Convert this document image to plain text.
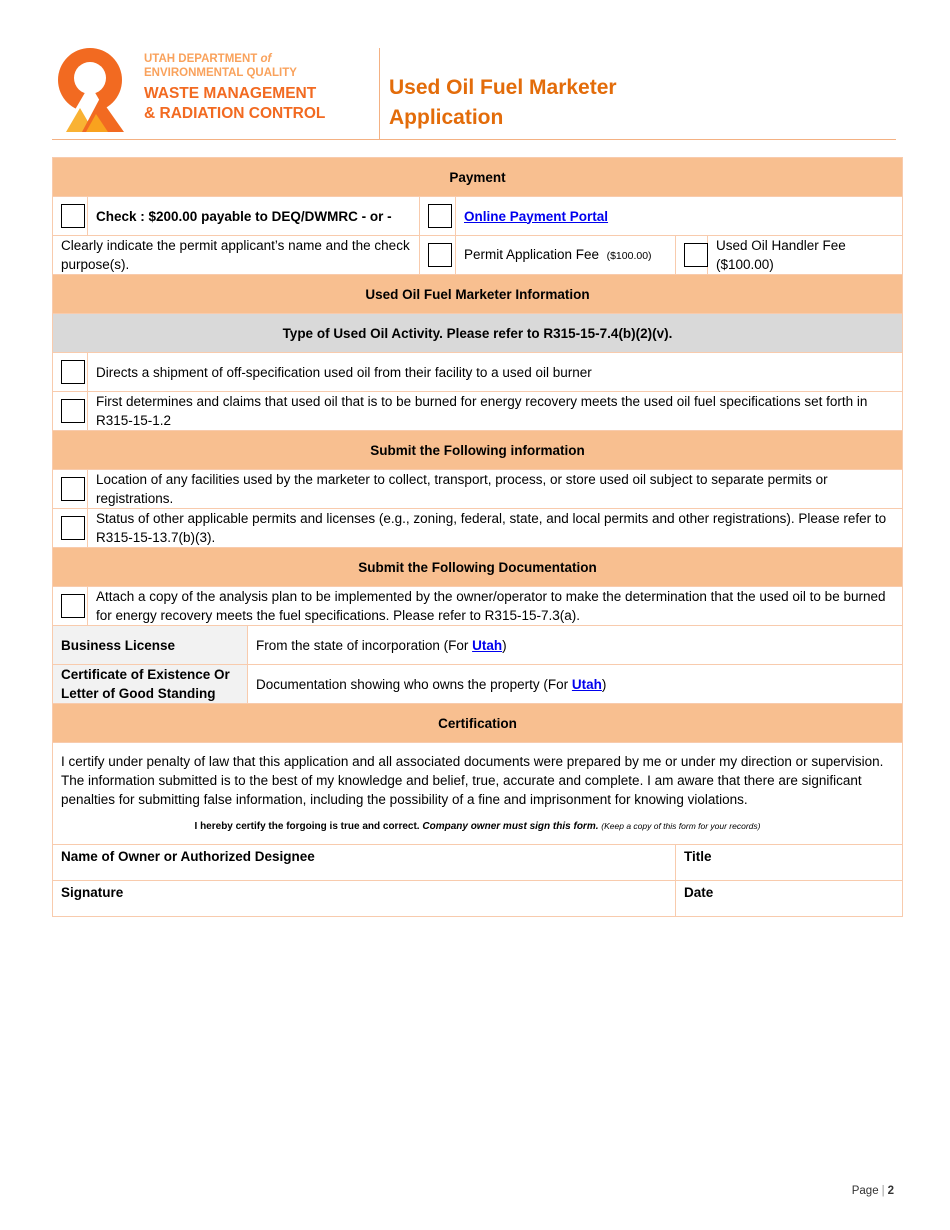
UTAH DEPARTMENT of
ENVIRONMENTAL QUALITY
WASTE MANAGEMENT
& RADIATION CONTROL
Used Oil Fuel Marketer
Application
Payment						
	Check : $200.00 payable to DEQ/DWMRC - or -			Online Payment Portal		
Clearly indicate the permit applicant’s name and the check purpose(s).				Permit Application Fee ($100.00)		Used Oil Handler Fee ($100.00)
Used Oil Fuel Marketer Information						
Type of Used Oil Activity. Please refer to R315-15-7.4(b)(2)(v).						
	Directs a shipment of off-specification used oil from their facility to a used oil burner					
	First determines and claims that used oil that is to be burned for energy recovery meets the used oil fuel specifications set forth in R315-15-1.2					
Submit the Following information						
	Location of any facilities used by the marketer to collect, transport, process, or store used oil subject to separate permits or registrations.					
	Status of other applicable permits and licenses (e.g., zoning, federal, state, and local permits and other registrations). Please refer to R315-15-13.7(b)(3).					
Submit the Following Documentation						
	Attach a copy of the analysis plan to be implemented by the owner/operator to make the determination that the used oil to be burned for energy recovery meets the fuel specifications. Please refer to R315-15-7.3(a).					
Business License		From the state of incorporation (For Utah)				
Certificate of Existence Or Letter of Good Standing		Documentation showing who owns the property (For Utah)				
Certification						

I certify under penalty of law that this application and all associated documents were prepared by me or under my direction or supervision. The information submitted is to the best of my knowledge and belief, true, accurate and complete. I am aware that there are significant penalties for submitting false information, including the possibility of a fine and imprisonment for knowing violations.
I hereby certify the forgoing is true and correct. Company owner must sign this form. (Keep a copy of this form for your records)						

Name of Owner or Authorized Designee					Title	
Signature					Date	
Page | 2
